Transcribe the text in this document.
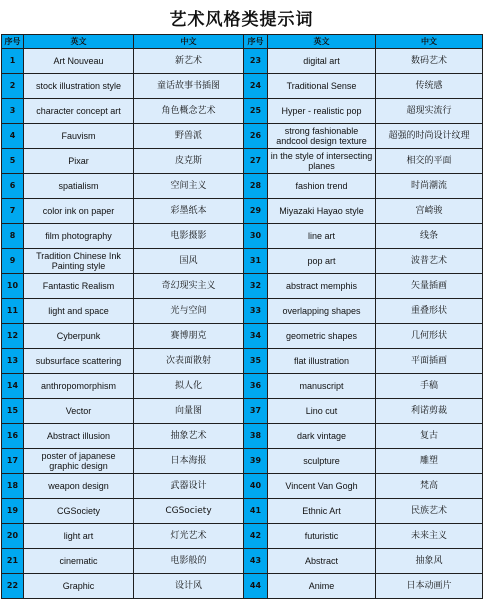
艺术风格类提示词
序号	英文	中文	序号	英文	中文
1	Art Nouveau	新艺术	23	digital art	数码艺术
2	stock illustration style	童话故事书插图	24	Traditional Sense	传统感
3	character concept art	角色概念艺术	25	Hyper - realistic pop	超现实流行
4	Fauvism	野兽派	26	strong fashionable andcool design texture	超强的时尚设计纹理
5	Pixar	皮克斯	27	in the style of intersecting planes	相交的平面
6	spatialism	空间主义	28	fashion trend	时尚潮流
7	color ink on paper	彩墨纸本	29	Miyazaki Hayao style	宫崎骏
8	film photography	电影摄影	30	line art	线条
9	Tradition Chinese Ink Painting style	国风	31	pop art	波普艺术
10	Fantastic Realism	奇幻现实主义	32	abstract memphis	矢量插画
11	light and space	光与空间	33	overlapping shapes	重叠形状
12	Cyberpunk	赛博朋克	34	geometric shapes	几何形状
13	subsurface scattering	次表面散射	35	flat illustration	平面插画
14	anthropomorphism	拟人化	36	manuscript	手稿
15	Vector	向量图	37	Lino cut	利诺剪裁
16	Abstract illusion	抽象艺术	38	dark vintage	复古
17	poster of japanese graphic design	日本海报	39	sculpture	雕塑
18	weapon design	武器设计	40	Vincent Van Gogh	梵高
19	CGSociety	CGSociety	41	Ethnic Art	民族艺术
20	light art	灯光艺术	42	futuristic	未来主义
21	cinematic	电影般的	43	Abstract	抽象风
22	Graphic	设计风	44	Anime	日本动画片
